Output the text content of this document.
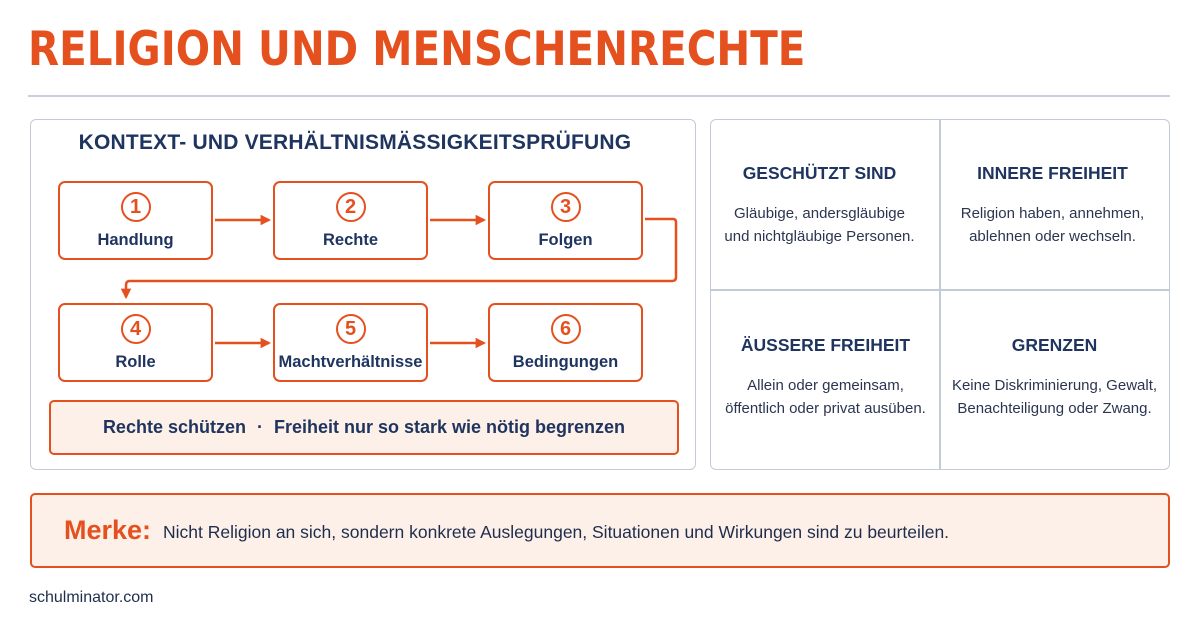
RELIGION UND MENSCHENRECHTE
KONTEXT- UND VERHÄLTNISMÄSSIGKEITSPRÜFUNG
1
Handlung
2
Rechte
3
Folgen
4
Rolle
5
Machtverhältnisse
6
Bedingungen
Rechte schützen · Freiheit nur so stark wie nötig begrenzen
GESCHÜTZT SIND
Gläubige, andersgläubige
und nichtgläubige Personen.
INNERE FREIHEIT
Religion haben, annehmen,
ablehnen oder wechseln.
ÄUSSERE FREIHEIT
Allein oder gemeinsam,
öffentlich oder privat ausüben.
GRENZEN
Keine Diskriminierung, Gewalt,
Benachteiligung oder Zwang.
Merke: Nicht Religion an sich, sondern konkrete Auslegungen, Situationen und Wirkungen sind zu beurteilen.
schulminator.com
